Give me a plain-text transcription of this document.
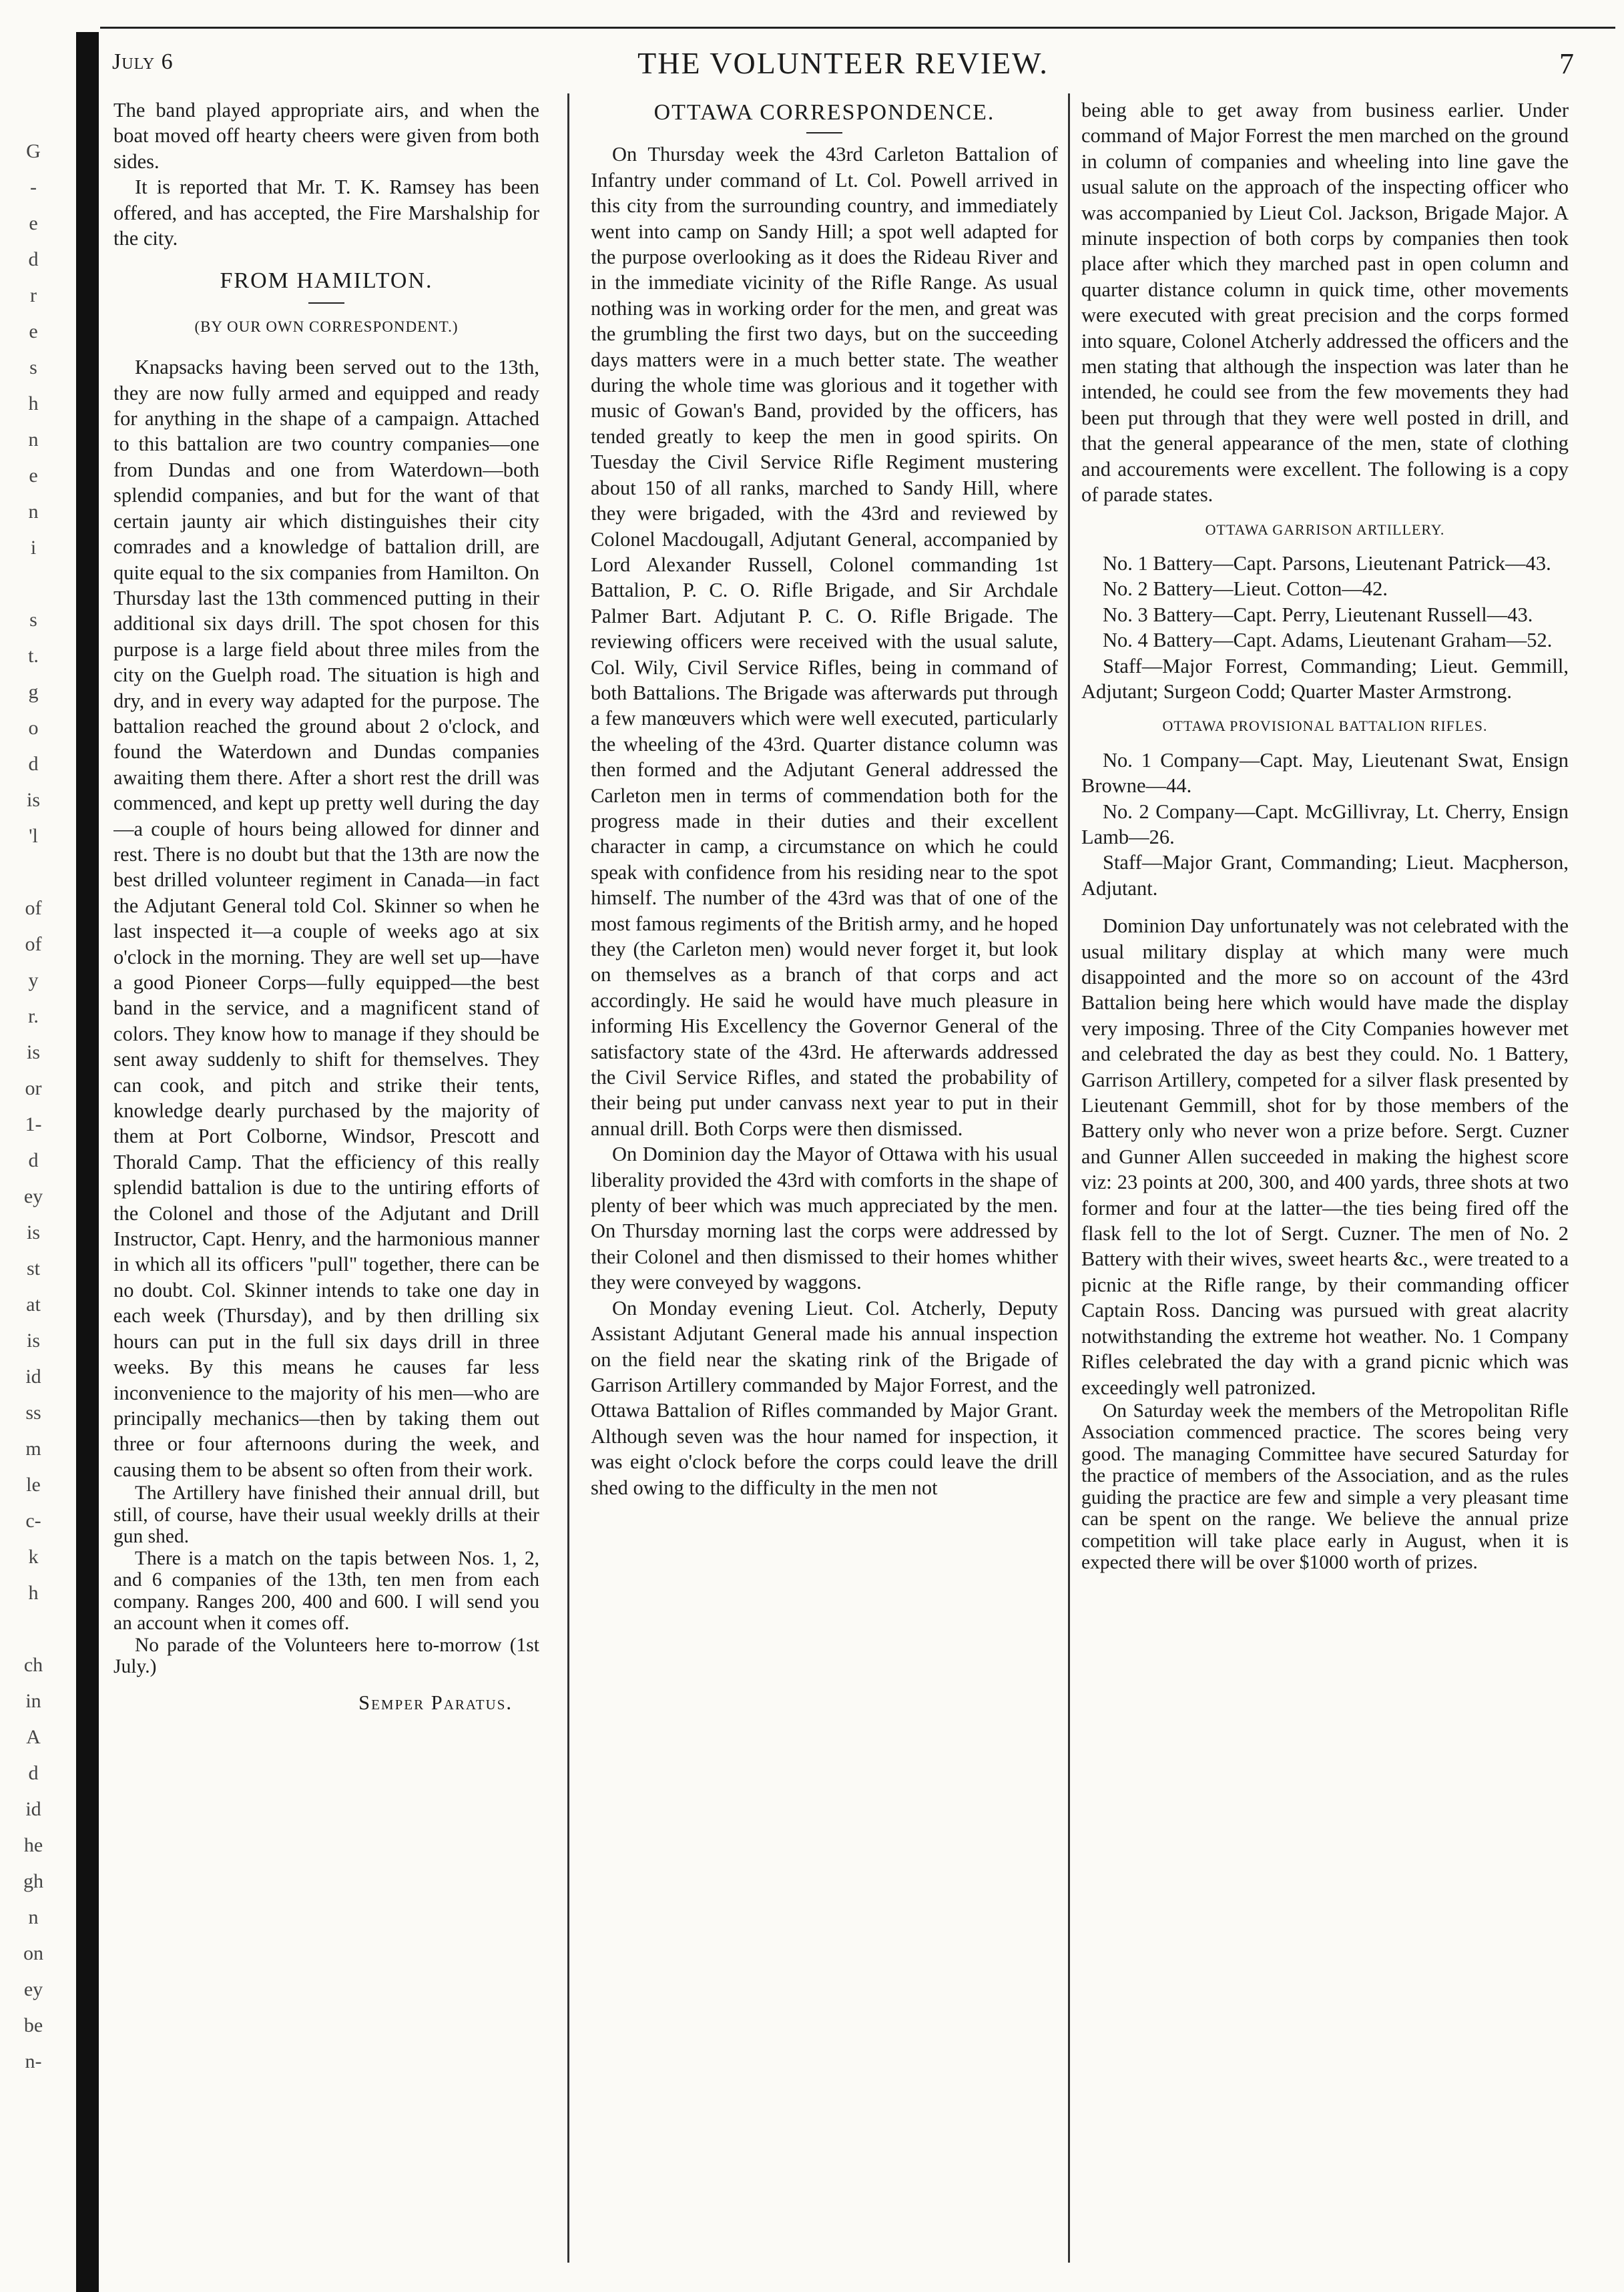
G
-
e
d
r
e
s
h
n
e
n
i
s
t.
g
o
d
is
'l
of
of
y
r.
is
or
1-
d
ey
is
st
at
is
id
ss
m
le
c-
k
h
ch
in
A
d
id
he
gh
n
on
ey
be
n-
July 6	THE VOLUNTEER REVIEW.	7

The band played appropriate airs, and when the boat moved off hearty cheers were given from both sides.

It is reported that Mr. T. K. Ramsey has been offered, and has accepted, the Fire Marshalship for the city.

FROM HAMILTON.
(BY OUR OWN CORRESPONDENT.)

Knapsacks having been served out to the 13th, they are now fully armed and equipped and ready for anything in the shape of a campaign. Attached to this battalion are two country companies—one from Dundas and one from Waterdown—both splendid companies, and but for the want of that certain jaunty air which distinguishes their city comrades and a knowledge of battalion drill, are quite equal to the six companies from Hamilton. On Thursday last the 13th commenced putting in their additional six days drill. The spot chosen for this purpose is a large field about three miles from the city on the Guelph road. The situation is high and dry, and in every way adapted for the purpose. The battalion reached the ground about 2 o'clock, and found the Waterdown and Dundas companies awaiting them there. After a short rest the drill was commenced, and kept up pretty well during the day—a couple of hours being allowed for dinner and rest. There is no doubt but that the 13th are now the best drilled volunteer regiment in Canada—in fact the Adjutant General told Col. Skinner so when he last inspected it—a couple of weeks ago at six o'clock in the morning. They are well set up—have a good Pioneer Corps—fully equipped—the best band in the service, and a magnificent stand of colors. They know how to manage if they should be sent away suddenly to shift for themselves. They can cook, and pitch and strike their tents, knowledge dearly purchased by the majority of them at Port Colborne, Windsor, Prescott and Thorald Camp. That the efficiency of this really splendid battalion is due to the untiring efforts of the Colonel and those of the Adjutant and Drill Instructor, Capt. Henry, and the harmonious manner in which all its officers "pull" together, there can be no doubt. Col. Skinner intends to take one day in each week (Thursday), and by then drilling six hours can put in the full six days drill in three weeks. By this means he causes far less inconvenience to the majority of his men—who are principally mechanics—then by taking them out three or four afternoons during the week, and causing them to be absent so often from their work.

The Artillery have finished their annual drill, but still, of course, have their usual weekly drills at their gun shed.

There is a match on the tapis between Nos. 1, 2, and 6 companies of the 13th, ten men from each company. Ranges 200, 400 and 600. I will send you an account when it comes off.

No parade of the Volunteers here to-morrow (1st July.)

Semper Paratus.
OTTAWA CORRESPONDENCE.

On Thursday week the 43rd Carleton Battalion of Infantry under command of Lt. Col. Powell arrived in this city from the surrounding country, and immediately went into camp on Sandy Hill; a spot well adapted for the purpose overlooking as it does the Rideau River and in the immediate vicinity of the Rifle Range. As usual nothing was in working order for the men, and great was the grumbling the first two days, but on the succeeding days matters were in a much better state. The weather during the whole time was glorious and it together with music of Gowan's Band, provided by the officers, has tended greatly to keep the men in good spirits. On Tuesday the Civil Service Rifle Regiment mustering about 150 of all ranks, marched to Sandy Hill, where they were brigaded, with the 43rd and reviewed by Colonel Macdougall, Adjutant General, accompanied by Lord Alexander Russell, Colonel commanding 1st Battalion, P. C. O. Rifle Brigade, and Sir Archdale Palmer Bart. Adjutant P. C. O. Rifle Brigade. The reviewing officers were received with the usual salute, Col. Wily, Civil Service Rifles, being in command of both Battalions. The Brigade was afterwards put through a few manœuvers which were well executed, particularly the wheeling of the 43rd. Quarter distance column was then formed and the Adjutant General addressed the Carleton men in terms of commendation both for the progress made in their duties and their excellent character in camp, a circumstance on which he could speak with confidence from his residing near to the spot himself. The number of the 43rd was that of one of the most famous regiments of the British army, and he hoped they (the Carleton men) would never forget it, but look on themselves as a branch of that corps and act accordingly. He said he would have much pleasure in informing His Excellency the Governor General of the satisfactory state of the 43rd. He afterwards addressed the Civil Service Rifles, and stated the probability of their being put under canvass next year to put in their annual drill. Both Corps were then dismissed.

On Dominion day the Mayor of Ottawa with his usual liberality provided the 43rd with comforts in the shape of plenty of beer which was much appreciated by the men. On Thursday morning last the corps were addressed by their Colonel and then dismissed to their homes whither they were conveyed by waggons.

On Monday evening Lieut. Col. Atcherly, Deputy Assistant Adjutant General made his annual inspection on the field near the skating rink of the Brigade of Garrison Artillery commanded by Major Forrest, and the Ottawa Battalion of Rifles commanded by Major Grant. Although seven was the hour named for inspection, it was eight o'clock before the corps could leave the drill shed owing to the difficulty in the men not

being able to get away from business earlier. Under command of Major Forrest the men marched on the ground in column of companies and wheeling into line gave the usual salute on the approach of the inspecting officer who was accompanied by Lieut Col. Jackson, Brigade Major. A minute inspection of both corps by companies then took place after which they marched past in open column and quarter distance column in quick time, other movements were executed with great precision and the corps formed into square, Colonel Atcherly addressed the officers and the men stating that although the inspection was later than he intended, he could see from the few movements they had been put through that they were well posted in drill, and that the general appearance of the men, state of clothing and accourements were excellent. The following is a copy of parade states.

OTTAWA GARRISON ARTILLERY.

No. 1 Battery—Capt. Parsons, Lieutenant Patrick—43.

No. 2 Battery—Lieut. Cotton—42.

No. 3 Battery—Capt. Perry, Lieutenant Russell—43.

No. 4 Battery—Capt. Adams, Lieutenant Graham—52.

Staff—Major Forrest, Commanding; Lieut. Gemmill, Adjutant; Surgeon Codd; Quarter Master Armstrong.

OTTAWA PROVISIONAL BATTALION RIFLES.

No. 1 Company—Capt. May, Lieutenant Swat, Ensign Browne—44.

No. 2 Company—Capt. McGillivray, Lt. Cherry, Ensign Lamb—26.

Staff—Major Grant, Commanding; Lieut. Macpherson, Adjutant.

Dominion Day unfortunately was not celebrated with the usual military display at which many were much disappointed and the more so on account of the 43rd Battalion being here which would have made the display very imposing. Three of the City Companies however met and celebrated the day as best they could. No. 1 Battery, Garrison Artillery, competed for a silver flask presented by Lieutenant Gemmill, shot for by those members of the Battery only who never won a prize before. Sergt. Cuzner and Gunner Allen succeeded in making the highest score viz: 23 points at 200, 300, and 400 yards, three shots at two former and four at the latter—the ties being fired off the flask fell to the lot of Sergt. Cuzner. The men of No. 2 Battery with their wives, sweet hearts &c., were treated to a picnic at the Rifle range, by their commanding officer Captain Ross. Dancing was pursued with great alacrity notwithstanding the extreme hot weather. No. 1 Company Rifles celebrated the day with a grand picnic which was exceedingly well patronized.

On Saturday week the members of the Metropolitan Rifle Association commenced practice. The scores being very good. The managing Committee have secured Saturday for the practice of members of the Association, and as the rules guiding the practice are few and simple a very pleasant time can be spent on the range. We believe the annual prize competition will take place early in August, when it is expected there will be over $1000 worth of prizes.
